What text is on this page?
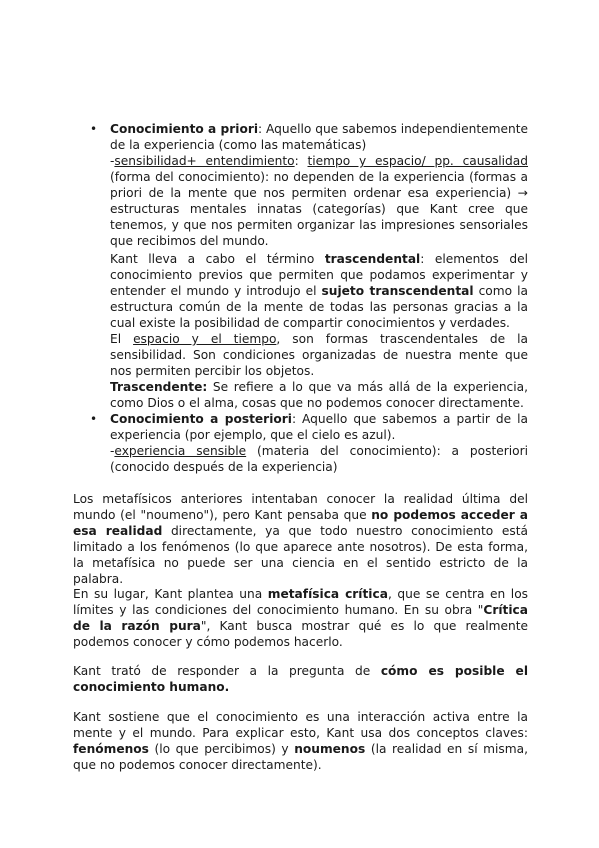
• Conocimiento a priori: Aquello que sabemos independientemente de la experiencia (como las matemáticas)
-sensibilidad+ entendimiento: tiempo y espacio/ pp. causalidad (forma del conocimiento): no dependen de la experiencia (formas a priori de la mente que nos permiten ordenar esa experiencia) → estructuras mentales innatas (categorías) que Kant cree que tenemos, y que nos permiten organizar las impresiones sensoriales que recibimos del mundo.
Kant lleva a cabo el término trascendental: elementos del conocimiento previos que permiten que podamos experimentar y entender el mundo y introdujo el sujeto transcendental como la estructura común de la mente de todas las personas gracias a la cual existe la posibilidad de compartir conocimientos y verdades.
El espacio y el tiempo, son formas trascendentales de la sensibilidad. Son condiciones organizadas de nuestra mente que nos permiten percibir los objetos.
Trascendente: Se refiere a lo que va más allá de la experiencia, como Dios o el alma, cosas que no podemos conocer directamente.
• Conocimiento a posteriori: Aquello que sabemos a partir de la experiencia (por ejemplo, que el cielo es azul).
-experiencia sensible (materia del conocimiento): a posteriori (conocido después de la experiencia)

Los metafísicos anteriores intentaban conocer la realidad última del mundo (el "noumeno"), pero Kant pensaba que no podemos acceder a esa realidad directamente, ya que todo nuestro conocimiento está limitado a los fenómenos (lo que aparece ante nosotros). De esta forma, la metafísica no puede ser una ciencia en el sentido estricto de la palabra.

En su lugar, Kant plantea una metafísica crítica, que se centra en los límites y las condiciones del conocimiento humano. En su obra "Crítica de la razón pura", Kant busca mostrar qué es lo que realmente podemos conocer y cómo podemos hacerlo.

Kant trató de responder a la pregunta de cómo es posible el conocimiento humano.

Kant sostiene que el conocimiento es una interacción activa entre la mente y el mundo. Para explicar esto, Kant usa dos conceptos claves: fenómenos (lo que percibimos) y noumenos (la realidad en sí misma, que no podemos conocer directamente).
